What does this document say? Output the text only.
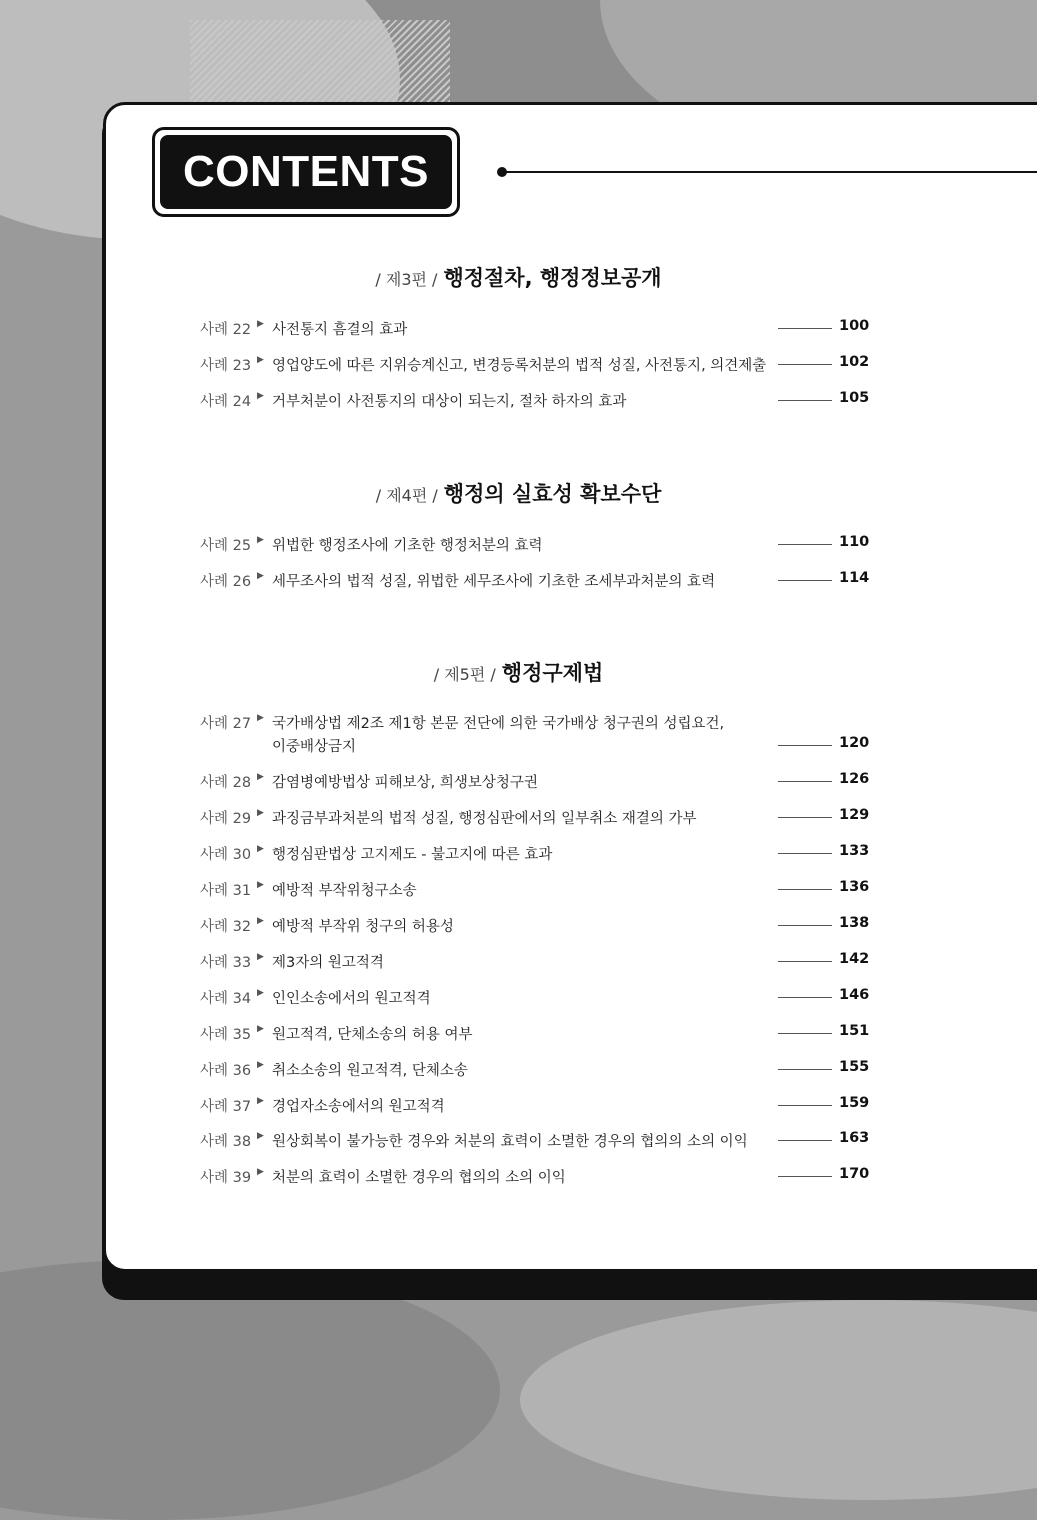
CONTENTS
/ 제3편 / 행정절차, 행정정보공개
사례 22 ▶ 사전통지 흠결의 효과	100
사례 23 ▶ 영업양도에 따른 지위승계신고, 변경등록처분의 법적 성질, 사전통지, 의견제출	102
사례 24 ▶ 거부처분이 사전통지의 대상이 되는지, 절차 하자의 효과	105
/ 제4편 / 행정의 실효성 확보수단
사례 25 ▶ 위법한 행정조사에 기초한 행정처분의 효력	110
사례 26 ▶ 세무조사의 법적 성질, 위법한 세무조사에 기초한 조세부과처분의 효력	114
/ 제5편 / 행정구제법
사례 27 ▶ 국가배상법 제2조 제1항 본문 전단에 의한 국가배상 청구권의 성립요건,
이중배상금지	120
사례 28 ▶ 감염병예방법상 피해보상, 희생보상청구권	126
사례 29 ▶ 과징금부과처분의 법적 성질, 행정심판에서의 일부취소 재결의 가부	129
사례 30 ▶ 행정심판법상 고지제도 - 불고지에 따른 효과	133
사례 31 ▶ 예방적 부작위청구소송	136
사례 32 ▶ 예방적 부작위 청구의 허용성	138
사례 33 ▶ 제3자의 원고적격	142
사례 34 ▶ 인인소송에서의 원고적격	146
사례 35 ▶ 원고적격, 단체소송의 허용 여부	151
사례 36 ▶ 취소소송의 원고적격, 단체소송	155
사례 37 ▶ 경업자소송에서의 원고적격	159
사례 38 ▶ 원상회복이 불가능한 경우와 처분의 효력이 소멸한 경우의 협의의 소의 이익	163
사례 39 ▶ 처분의 효력이 소멸한 경우의 협의의 소의 이익	170
